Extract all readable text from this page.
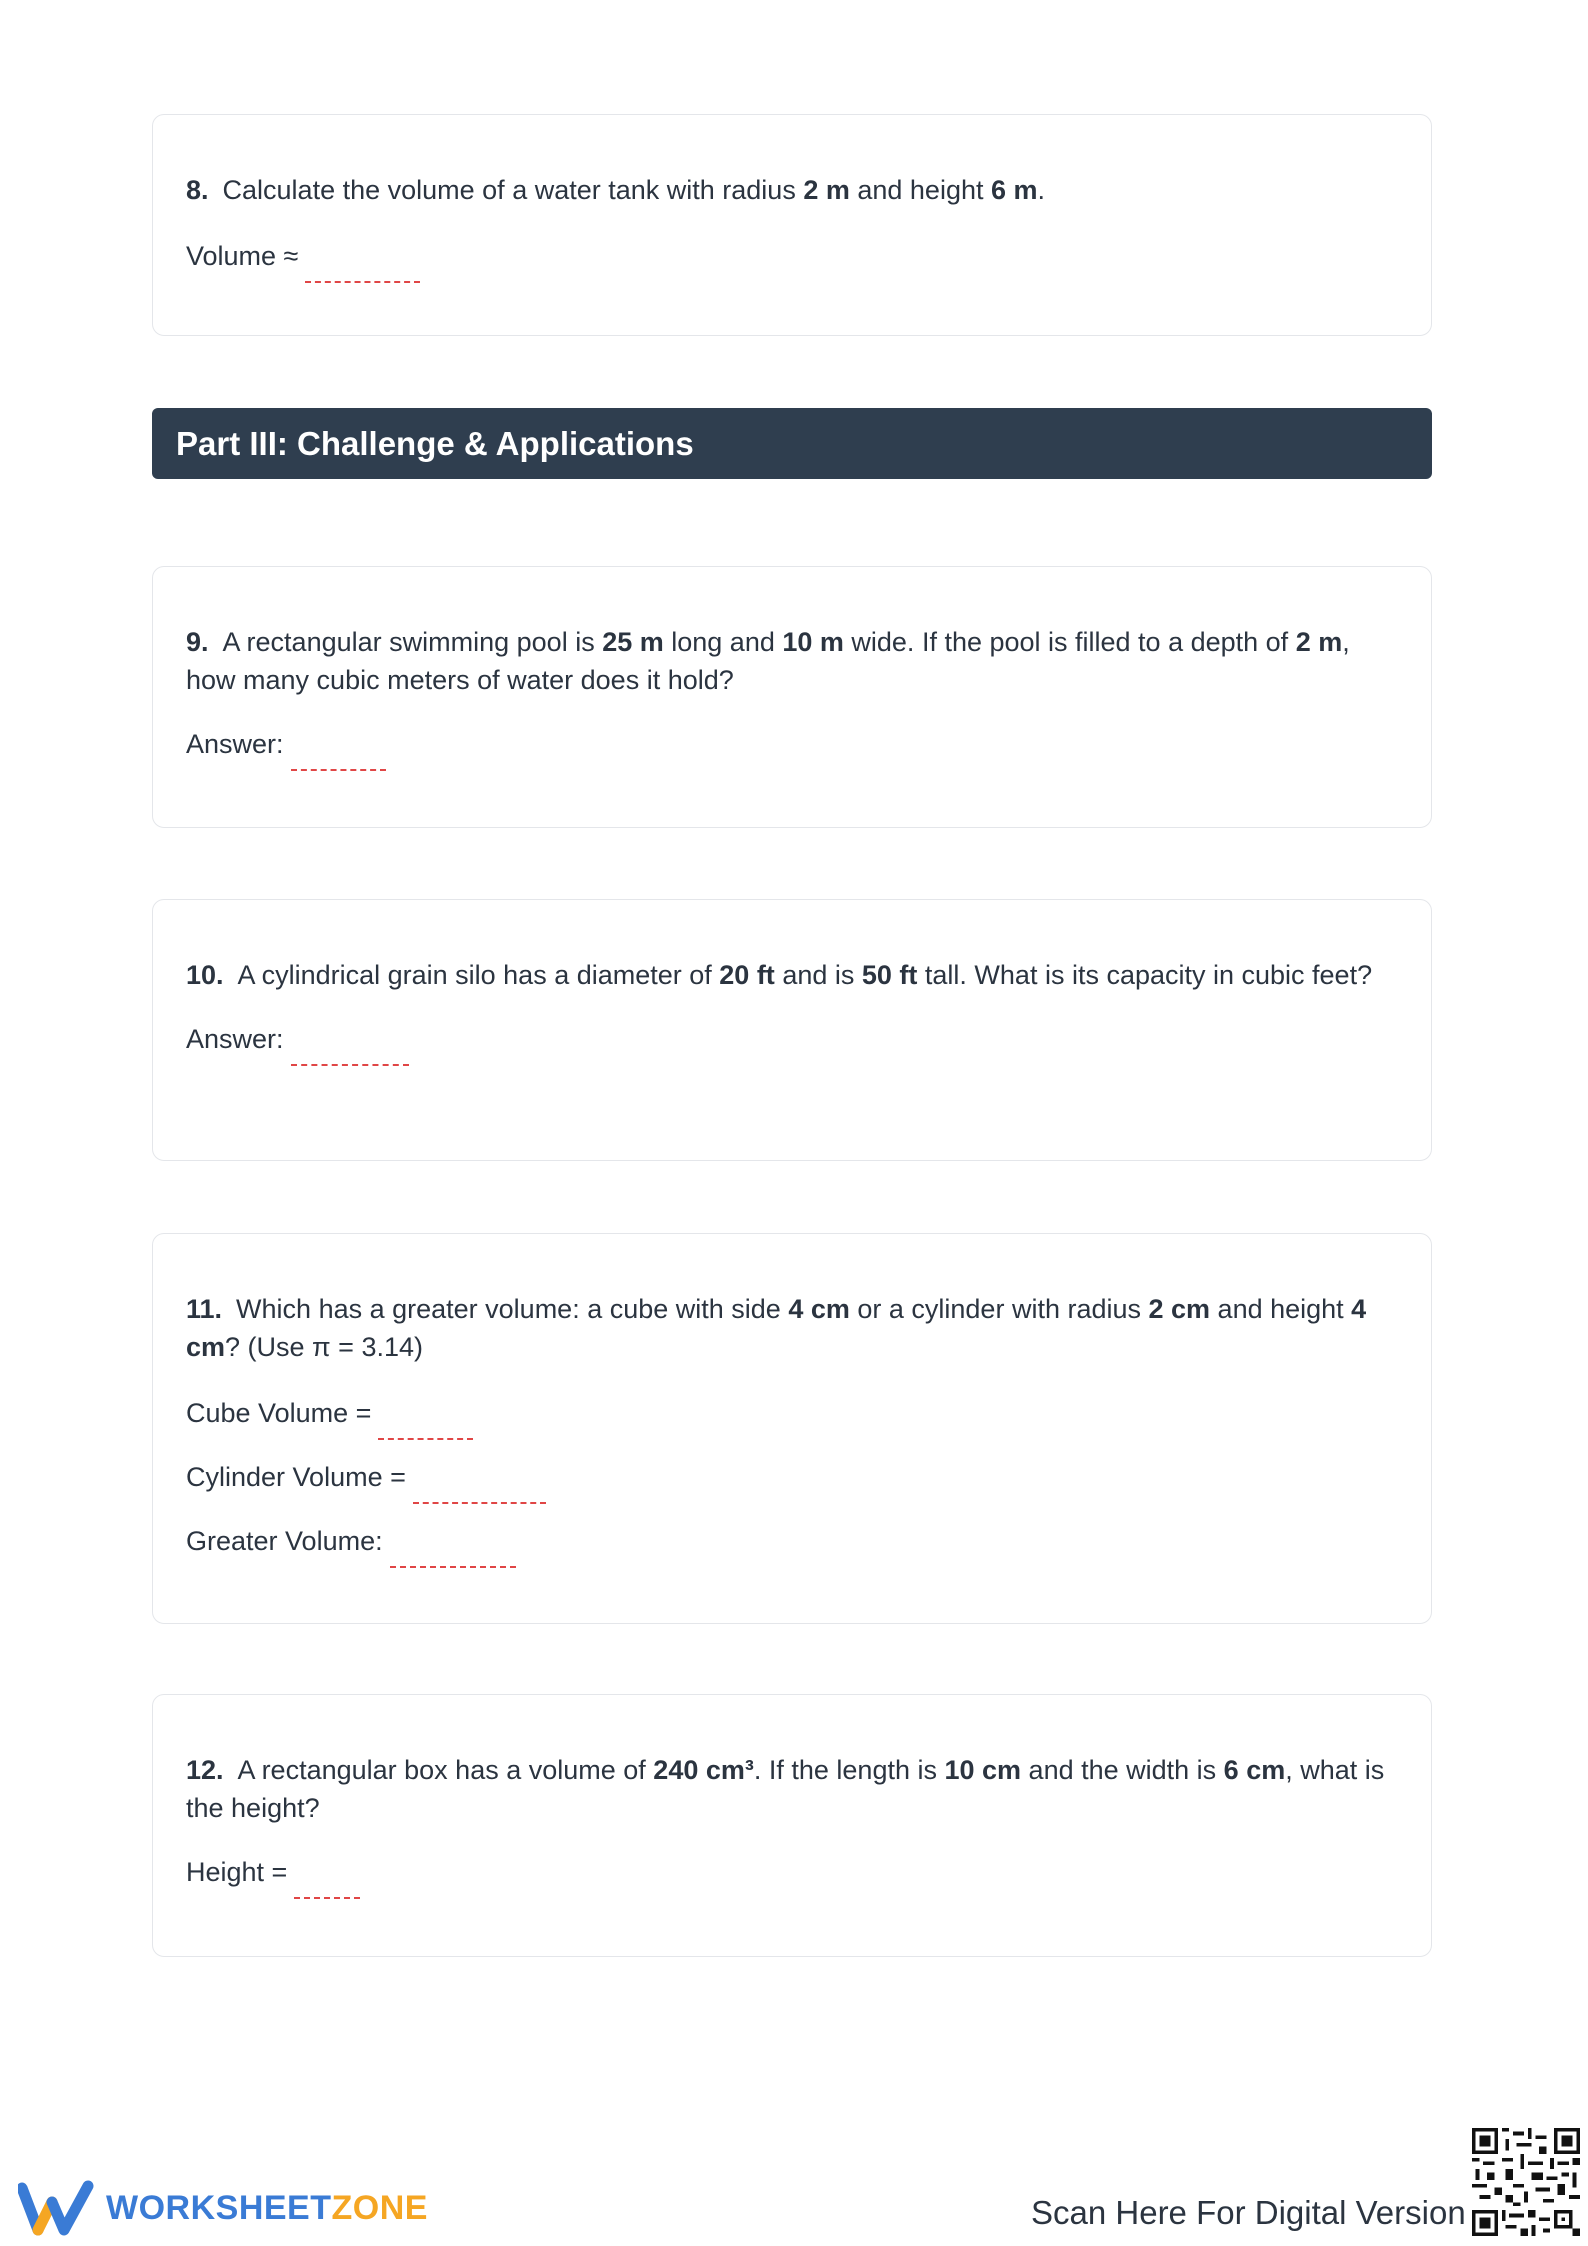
8. Calculate the volume of a water tank with radius 2 m and height 6 m.

Volume ≈
Part III: Challenge & Applications

9. A rectangular swimming pool is 25 m long and 10 m wide. If the pool is filled to a depth of 2 m, how many cubic meters of water does it hold?

Answer:

10. A cylindrical grain silo has a diameter of 20 ft and is 50 ft tall. What is its capacity in cubic feet?

Answer:

11. Which has a greater volume: a cube with side 4 cm or a cylinder with radius 2 cm and height 4 cm? (Use π = 3.14)

Cube Volume =
Cylinder Volume =
Greater Volume:

12. A rectangular box has a volume of 240 cm³. If the length is 10 cm and the width is 6 cm, what is the height?

Height =
WORKSHEETZONE	Scan Here For Digital Version
